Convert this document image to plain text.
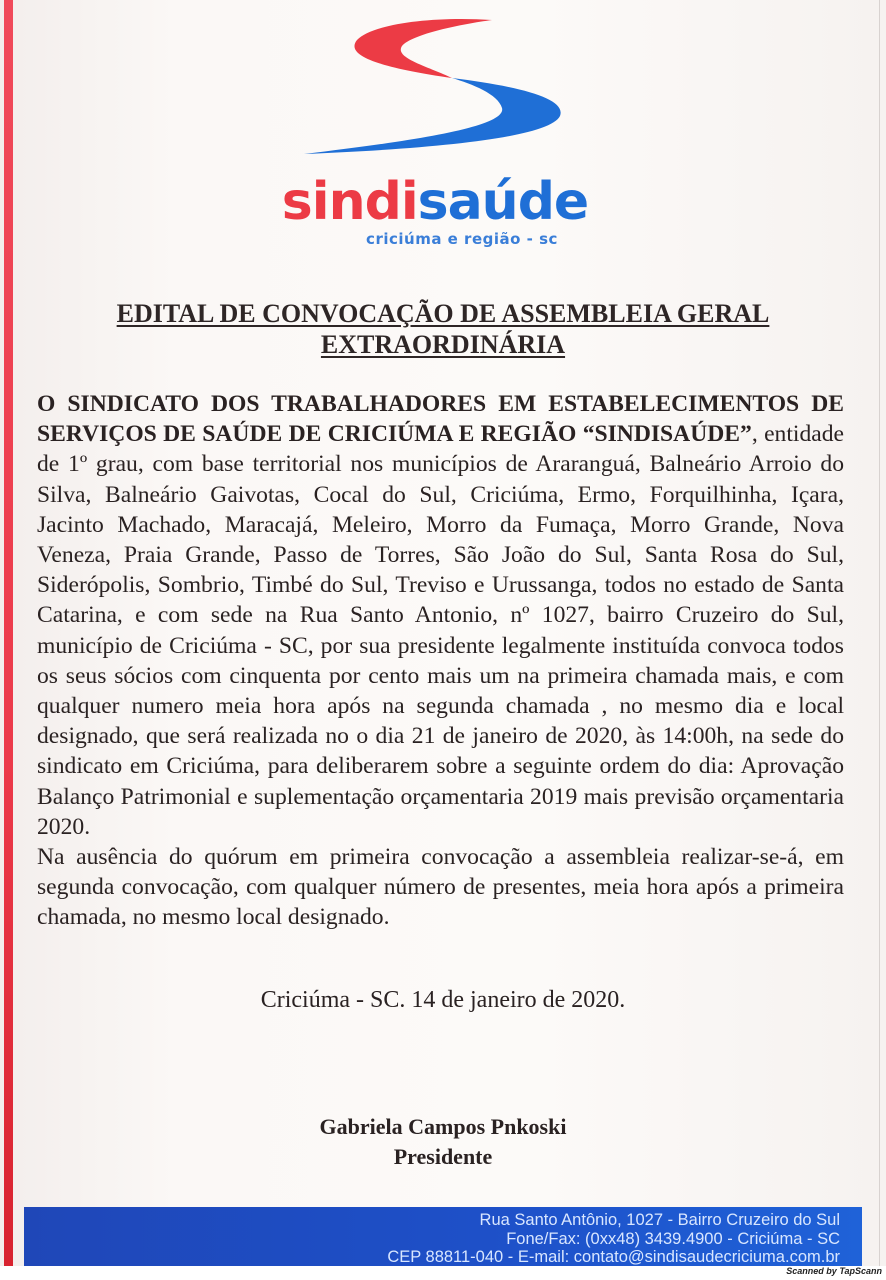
sindisaúde
criciúma e região - sc
EDITAL DE CONVOCAÇÃO DE ASSEMBLEIA GERAL
EXTRAORDINÁRIA

O SINDICATO DOS TRABALHADORES EM ESTABELECIMENTOS DE SERVIÇOS DE SAÚDE DE CRICIÚMA E REGIÃO “SINDISAÚDE”, entidade de 1º grau, com base territorial nos municípios de Araranguá, Balneário Arroio do Silva, Balneário Gaivotas, Cocal do Sul, Criciúma, Ermo, Forquilhinha, Içara, Jacinto Machado, Maracajá, Meleiro, Morro da Fumaça, Morro Grande, Nova Veneza, Praia Grande, Passo de Torres, São João do Sul, Santa Rosa do Sul, Siderópolis, Sombrio, Timbé do Sul, Treviso e Urussanga, todos no estado de Santa Catarina, e com sede na Rua Santo Antonio, nº 1027, bairro Cruzeiro do Sul, município de Criciúma - SC, por sua presidente legalmente instituída convoca todos os seus sócios com cinquenta por cento mais um na primeira chamada mais, e com qualquer numero meia hora após na segunda chamada , no mesmo dia e local designado, que será realizada no o dia 21 de janeiro de 2020, às 14:00h, na sede do sindicato em Criciúma, para deliberarem sobre a seguinte ordem do dia: Aprovação Balanço Patrimonial e suplementação orçamentaria 2019 mais previsão orçamentaria 2020.

Na ausência do quórum em primeira convocação a assembleia realizar-se-á, em segunda convocação, com qualquer número de presentes, meia hora após a primeira chamada, no mesmo local designado.

Criciúma - SC. 14 de janeiro de 2020.
Gabriela Campos Pnkoski
Presidente
Rua Santo Antônio, 1027 - Bairro Cruzeiro do Sul
Fone/Fax: (0xx48) 3439.4900 - Criciúma - SC
CEP 88811-040 - E-mail: contato@sindisaudecriciuma.com.br
Scanned by TapScann
